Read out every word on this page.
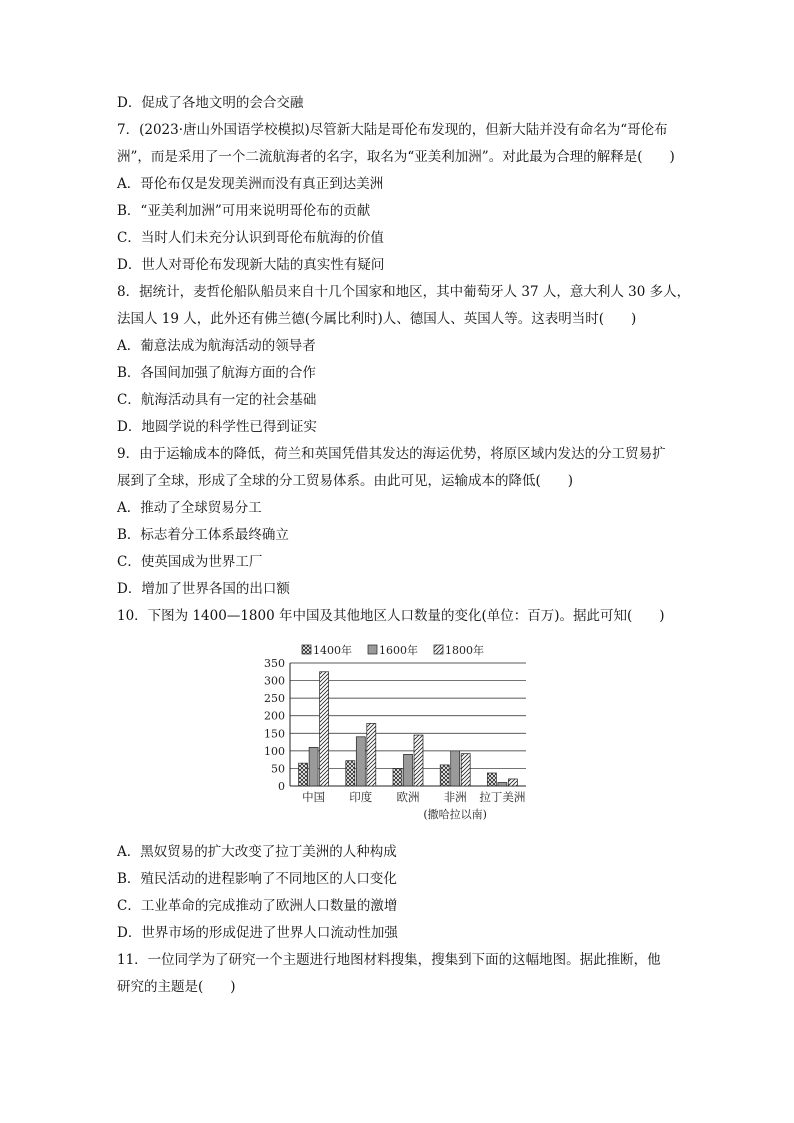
D．促成了各地文明的会合交融
7．(2023·唐山外国语学校模拟)尽管新大陆是哥伦布发现的，但新大陆并没有命名为“哥伦布
洲”，而是采用了一个二流航海者的名字，取名为“亚美利加洲”。对此最为合理的解释是(　　)
A．哥伦布仅是发现美洲而没有真正到达美洲
B．“亚美利加洲”可用来说明哥伦布的贡献
C．当时人们未充分认识到哥伦布航海的价值
D．世人对哥伦布发现新大陆的真实性有疑问
8．据统计，麦哲伦船队船员来自十几个国家和地区，其中葡萄牙人 37 人，意大利人 30 多人，
法国人 19 人，此外还有佛兰德(今属比利时)人、德国人、英国人等。这表明当时(　　)
A．葡意法成为航海活动的领导者
B．各国间加强了航海方面的合作
C．航海活动具有一定的社会基础
D．地圆学说的科学性已得到证实
9．由于运输成本的降低，荷兰和英国凭借其发达的海运优势，将原区域内发达的分工贸易扩
展到了全球，形成了全球的分工贸易体系。由此可见，运输成本的降低(　　)
A．推动了全球贸易分工
B．标志着分工体系最终确立
C．使英国成为世界工厂
D．增加了世界各国的出口额
10．下图为 1400—1800 年中国及其他地区人口数量的变化(单位：百万)。据此可知(　　)
A．黑奴贸易的扩大改变了拉丁美洲的人种构成
B．殖民活动的进程影响了不同地区的人口变化
C．工业革命的完成推动了欧洲人口数量的激增
D．世界市场的形成促进了世界人口流动性加强
11．一位同学为了研究一个主题进行地图材料搜集，搜集到下面的这幅地图。据此推断，他
研究的主题是(　　)
1400年 1600年 1800年
0
50
100
150
200
250
300
350
中国 印度 欧洲 非洲 拉丁美洲
(撒哈拉以南)
